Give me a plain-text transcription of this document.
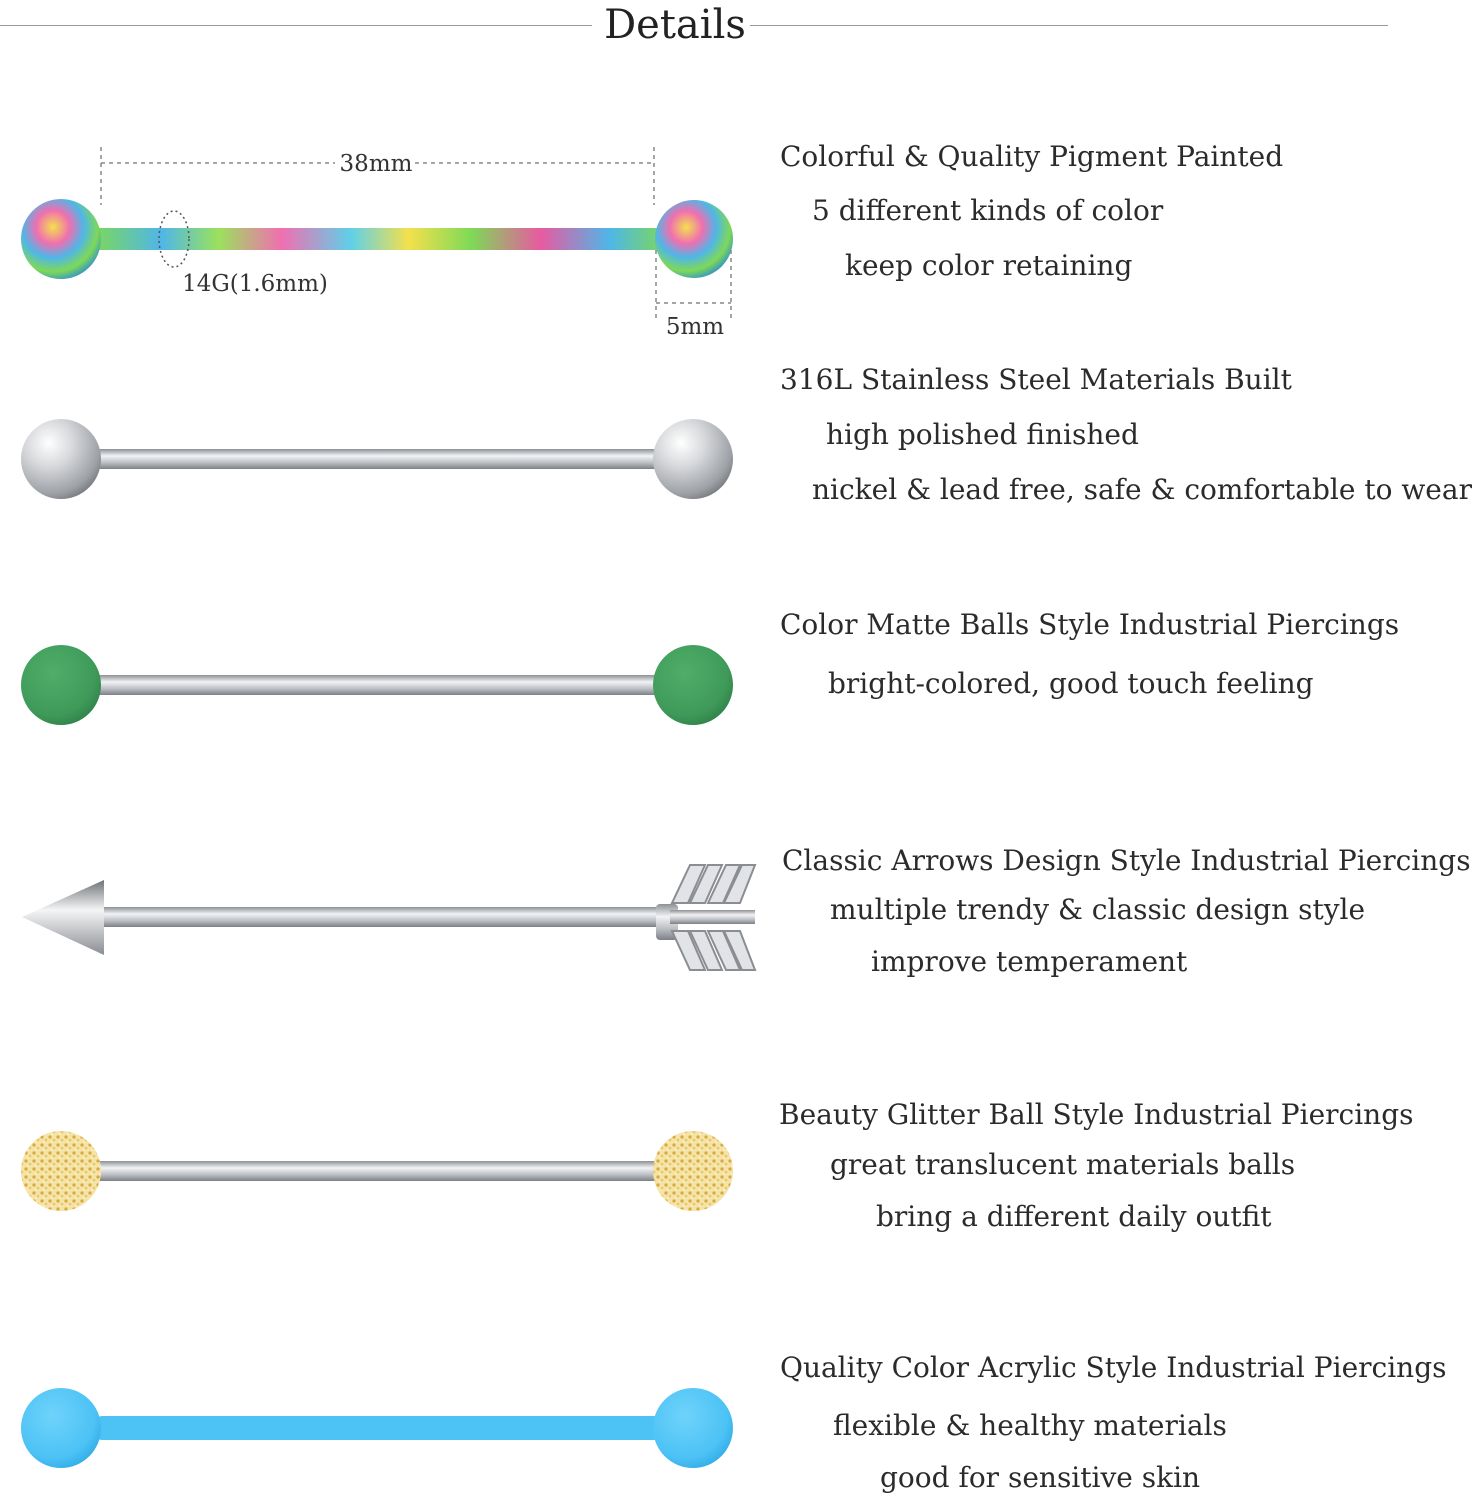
Details
38mm
14G(1.6mm)
5mm
Colorful & Quality Pigment Painted
5 different kinds of color
keep color retaining
316L Stainless Steel Materials Built
high polished finished
nickel & lead free, safe & comfortable to wear
Color Matte Balls Style Industrial Piercings
bright-colored, good touch feeling
Classic Arrows Design Style Industrial Piercings
multiple trendy & classic design style
improve temperament
Beauty Glitter Ball Style Industrial Piercings
great translucent materials balls
bring a different daily outfit
Quality Color Acrylic Style Industrial Piercings
flexible & healthy materials
good for sensitive skin
